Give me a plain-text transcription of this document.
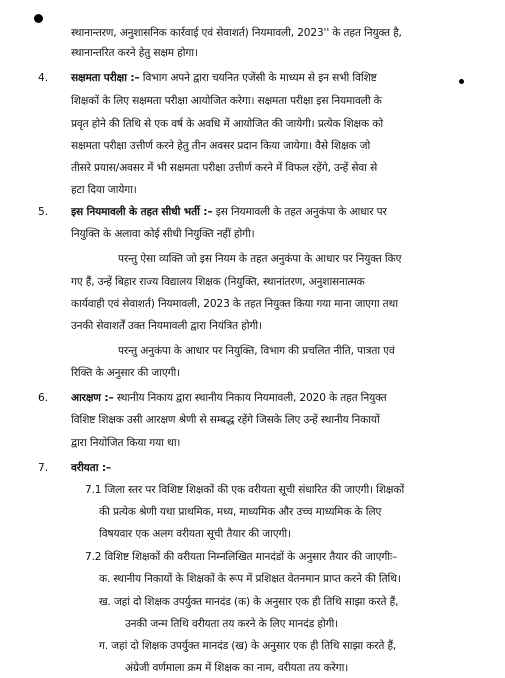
स्थानान्तरण, अनुशासनिक कार्रवाई एवं सेवाशर्त) नियमावली, 2023'' के तहत नियुक्त है,
स्थानान्तरित करने हेतु सक्षम होगा।
4. सक्षमता परीक्षा :– विभाग अपने द्वारा चयनित एजेंसी के माध्यम से इन सभी विशिष्ट
शिक्षकों के लिए सक्षमता परीक्षा आयोजित करेगा। सक्षमता परीक्षा इस नियमावली के
प्रवृत होने की तिथि से एक वर्ष के अवधि में आयोजित की जायेगी। प्रत्येक शिक्षक को
सक्षमता परीक्षा उत्तीर्ण करने हेतु तीन अवसर प्रदान किया जायेगा। वैसे शिक्षक जो
तीसरे प्रयास/अवसर में भी सक्षमता परीक्षा उत्तीर्ण करने में विफल रहेंगे, उन्हें सेवा से
हटा दिया जायेगा।
5. इस नियमावली के तहत सीधी भर्ती :– इस नियमावली के तहत अनुकंपा के आधार पर
नियुक्ति के अलावा कोई सीधी नियुक्ति नहीं होगी।
परन्तु ऐसा व्यक्ति जो इस नियम के तहत अनुकंपा के आधार पर नियुक्त किए
गए हैं, उन्हें बिहार राज्य विद्यालय शिक्षक (नियुक्ति, स्थानांतरण, अनुशासनात्मक
कार्यवाही एवं सेवाशर्त) नियमावली, 2023 के तहत नियुक्त किया गया माना जाएगा तथा
उनकी सेवाशर्तें उक्त नियमावली द्वारा नियंत्रित होगी।
परन्तु अनुकंपा के आधार पर नियुक्ति, विभाग की प्रचलित नीति, पात्रता एवं
रिक्ति के अनुसार की जाएगी।
6. आरक्षण :– स्थानीय निकाय द्वारा स्थानीय निकाय नियमावली, 2020 के तहत नियुक्त
विशिष्ट शिक्षक उसी आरक्षण श्रेणी से सम्बद्ध रहेंगे जिसके लिए उन्हें स्थानीय निकायों
द्वारा नियोजित किया गया था।
7. वरीयता :–
7.1 जिला स्तर पर विशिष्ट शिक्षकों की एक वरीयता सूची संधारित की जाएगी। शिक्षकों
की प्रत्येक श्रेणी यथा प्राथमिक, मध्य, माध्यमिक और उच्च माध्यमिक के लिए
विषयवार एक अलग वरीयता सूची तैयार की जाएगी।
7.2 विशिष्ट शिक्षकों की वरीयता निम्नलिखित मानदंडों के अनुसार तैयार की जाएगीः–
क. स्थानीय निकायों के शिक्षकों के रूप में प्रशिक्षत वेतनमान प्राप्त करने की तिथि।
ख. जहां दो शिक्षक उपर्युक्त मानदंड (क) के अनुसार एक ही तिथि साझा करते हैं,
उनकी जन्म तिथि वरीयता तय करने के लिए मानदंड होगी।
ग. जहां दो शिक्षक उपर्युक्त मानदंड (ख) के अनुसार एक ही तिथि साझा करते हैं,
अंग्रेजी वर्णमाला क्रम में शिक्षक का नाम, वरीयता तय करेगा।
